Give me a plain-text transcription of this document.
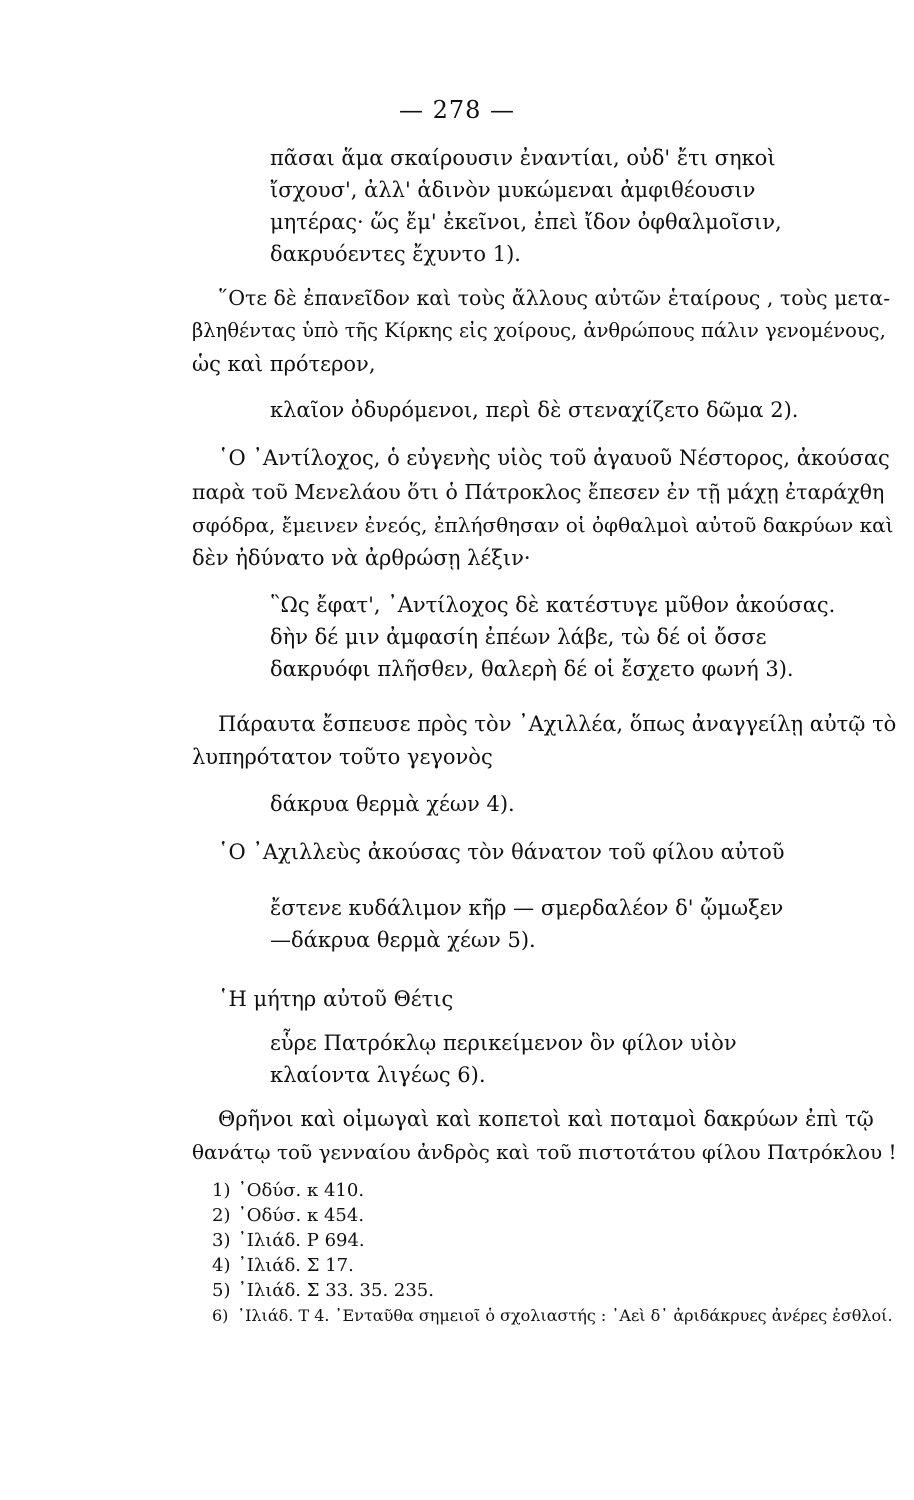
— 278 —
πᾶσαι ἅμα σκαίρουσιν ἐναντίαι, οὐδ' ἔτι σηκοὶ
ἴσχουσ', ἀλλ' ἁδινὸν μυκώμεναι ἀμφιθέουσιν
μητέρας· ὥς ἔμ' ἐκεῖνοι, ἐπεὶ ἴδον ὀφθαλμοῖσιν,
δακρυόεντες ἔχυντο 1).
῞Οτε δὲ ἐπανεῖδον καὶ τοὺς ἄλλους αὐτῶν ἑταίρους , τοὺς μετα-
βληθέντας ὑπὸ τῆς Κίρκης εἰς χοίρους, ἀνθρώπους πάλιν γενομένους,
ὡς καὶ πρότερον,
κλαῖον ὀδυρόμενοι, περὶ δὲ στεναχίζετο δῶμα 2).
῾Ο ᾽Αντίλοχος, ὁ εὐγενὴς υἱὸς τοῦ ἀγαυοῦ Νέστορος, ἀκούσας
παρὰ τοῦ Μενελάου ὅτι ὁ Πάτροκλος ἔπεσεν ἐν τῇ μάχῃ ἐταράχθη
σφόδρα, ἔμεινεν ἐνεός, ἐπλήσθησαν οἱ ὀφθαλμοὶ αὐτοῦ δακρύων καὶ
δὲν ἠδύνατο νὰ ἀρθρώσῃ λέξιν·
῝Ως ἔφατ', ᾽Αντίλοχος δὲ κατέστυγε μῦθον ἀκούσας.
δὴν δέ μιν ἀμφασίη ἐπέων λάβε, τὼ δέ οἱ ὄσσε
δακρυόφι πλῆσθεν, θαλερὴ δέ οἱ ἔσχετο φωνή 3).
Πάραυτα ἔσπευσε πρὸς τὸν ᾽Αχιλλέα, ὅπως ἀναγγείλῃ αὐτῷ τὸ
λυπηρότατον τοῦτο γεγονὸς
δάκρυα θερμὰ χέων 4).
῾Ο ᾽Αχιλλεὺς ἀκούσας τὸν θάνατον τοῦ φίλου αὐτοῦ
ἔστενε κυδάλιμον κῆρ — σμερδαλέον δ' ᾤμωξεν
—δάκρυα θερμὰ χέων 5).
῾Η μήτηρ αὐτοῦ Θέτις
εὗρε Πατρόκλῳ περικείμενον ὃν φίλον υἱὸν
κλαίοντα λιγέως 6).
Θρῆνοι καὶ οἰμωγαὶ καὶ κοπετοὶ καὶ ποταμοὶ δακρύων ἐπὶ τῷ
θανάτῳ τοῦ γενναίου ἀνδρὸς καὶ τοῦ πιστοτάτου φίλου Πατρόκλου !
1) ᾽Οδύσ. κ 410.
2) ᾽Οδύσ. κ 454.
3) ᾽Ιλιάδ. Ρ 694.
4) ᾽Ιλιάδ. Σ 17.
5) ᾽Ιλιάδ. Σ 33. 35. 235.
6) ᾽Ιλιάδ. Τ 4. ᾽Ενταῦθα σημειοῖ ὁ σχολιαστής : ᾽Αεὶ δ᾽ ἀριδάκρυες ἀνέρες ἐσθλοί.
